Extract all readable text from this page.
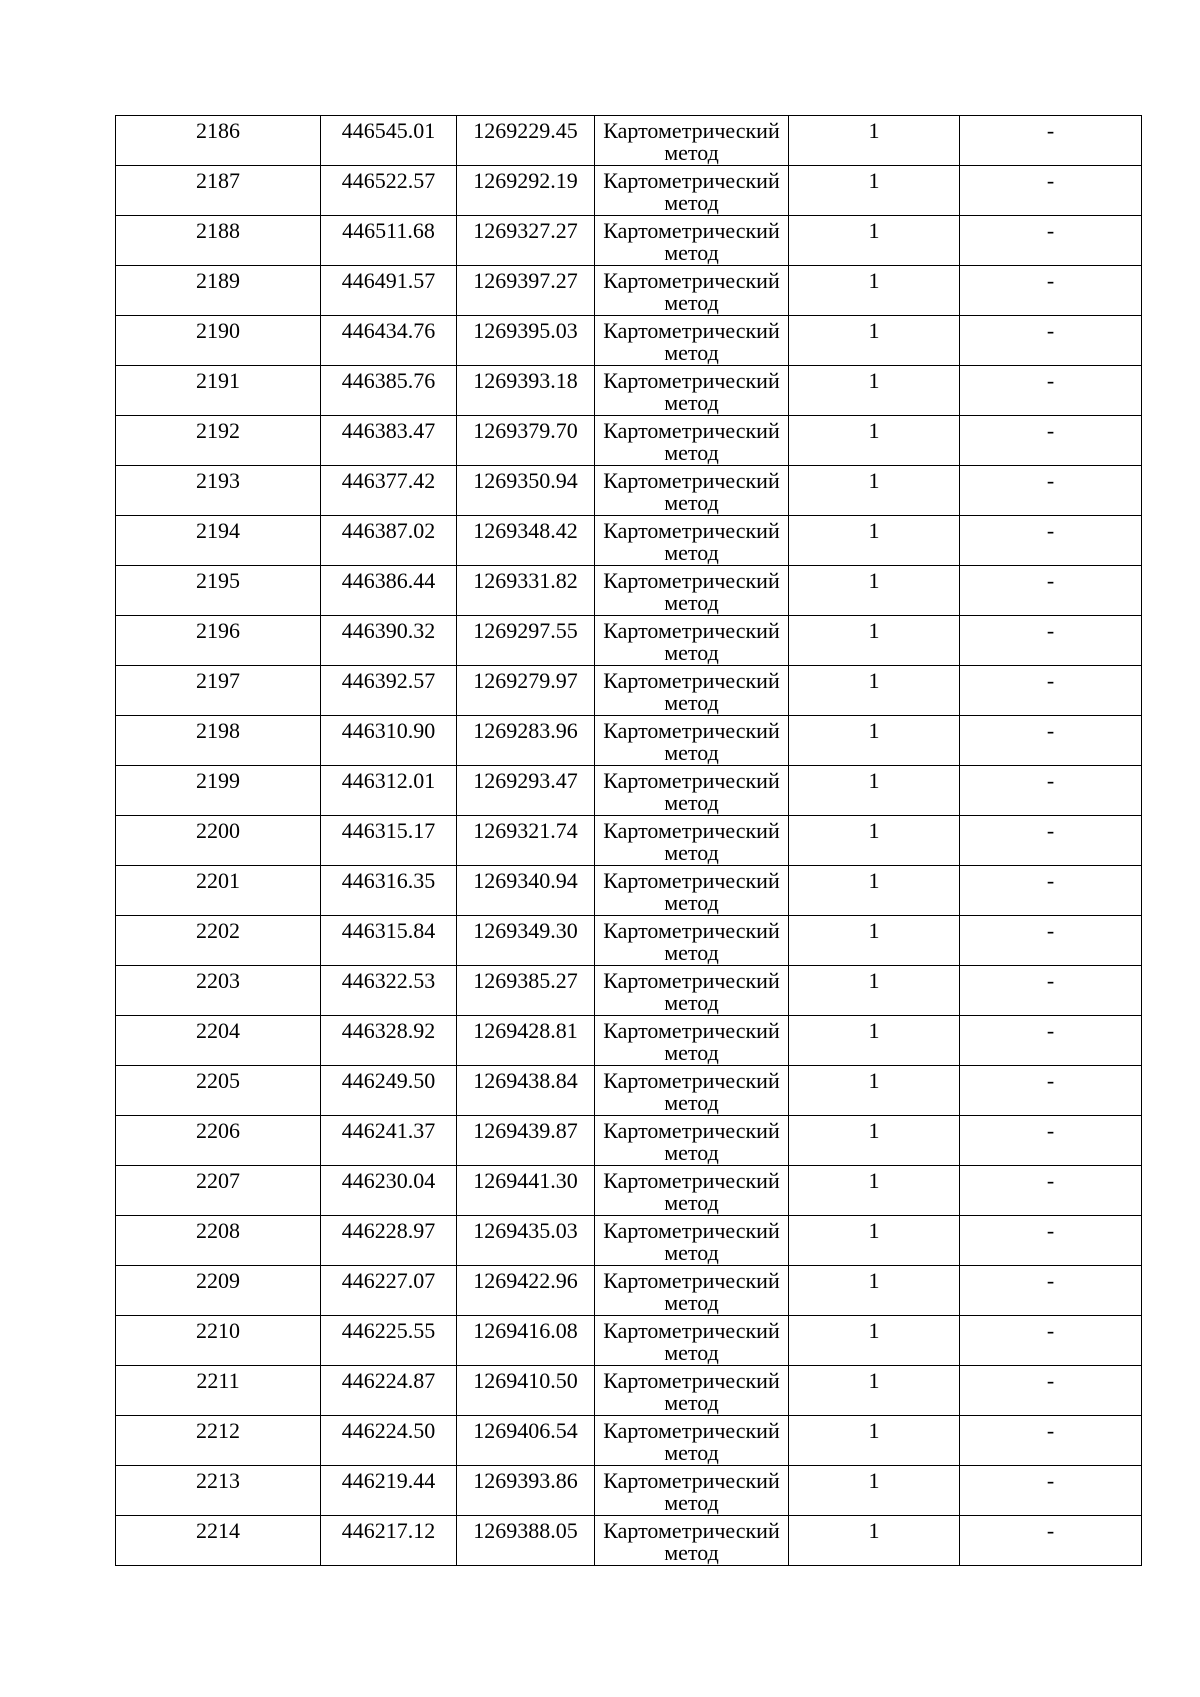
2186	446545.01	1269229.45	Картометрический метод	1	-

2187	446522.57	1269292.19	Картометрический метод	1	-

2188	446511.68	1269327.27	Картометрический метод	1	-

2189	446491.57	1269397.27	Картометрический метод	1	-

2190	446434.76	1269395.03	Картометрический метод	1	-

2191	446385.76	1269393.18	Картометрический метод	1	-

2192	446383.47	1269379.70	Картометрический метод	1	-

2193	446377.42	1269350.94	Картометрический метод	1	-

2194	446387.02	1269348.42	Картометрический метод	1	-

2195	446386.44	1269331.82	Картометрический метод	1	-

2196	446390.32	1269297.55	Картометрический метод	1	-

2197	446392.57	1269279.97	Картометрический метод	1	-

2198	446310.90	1269283.96	Картометрический метод	1	-

2199	446312.01	1269293.47	Картометрический метод	1	-

2200	446315.17	1269321.74	Картометрический метод	1	-

2201	446316.35	1269340.94	Картометрический метод	1	-

2202	446315.84	1269349.30	Картометрический метод	1	-

2203	446322.53	1269385.27	Картометрический метод	1	-

2204	446328.92	1269428.81	Картометрический метод	1	-

2205	446249.50	1269438.84	Картометрический метод	1	-

2206	446241.37	1269439.87	Картометрический метод	1	-

2207	446230.04	1269441.30	Картометрический метод	1	-

2208	446228.97	1269435.03	Картометрический метод	1	-

2209	446227.07	1269422.96	Картометрический метод	1	-

2210	446225.55	1269416.08	Картометрический метод	1	-

2211	446224.87	1269410.50	Картометрический метод	1	-

2212	446224.50	1269406.54	Картометрический метод	1	-

2213	446219.44	1269393.86	Картометрический метод	1	-

2214	446217.12	1269388.05	Картометрический метод	1	-
